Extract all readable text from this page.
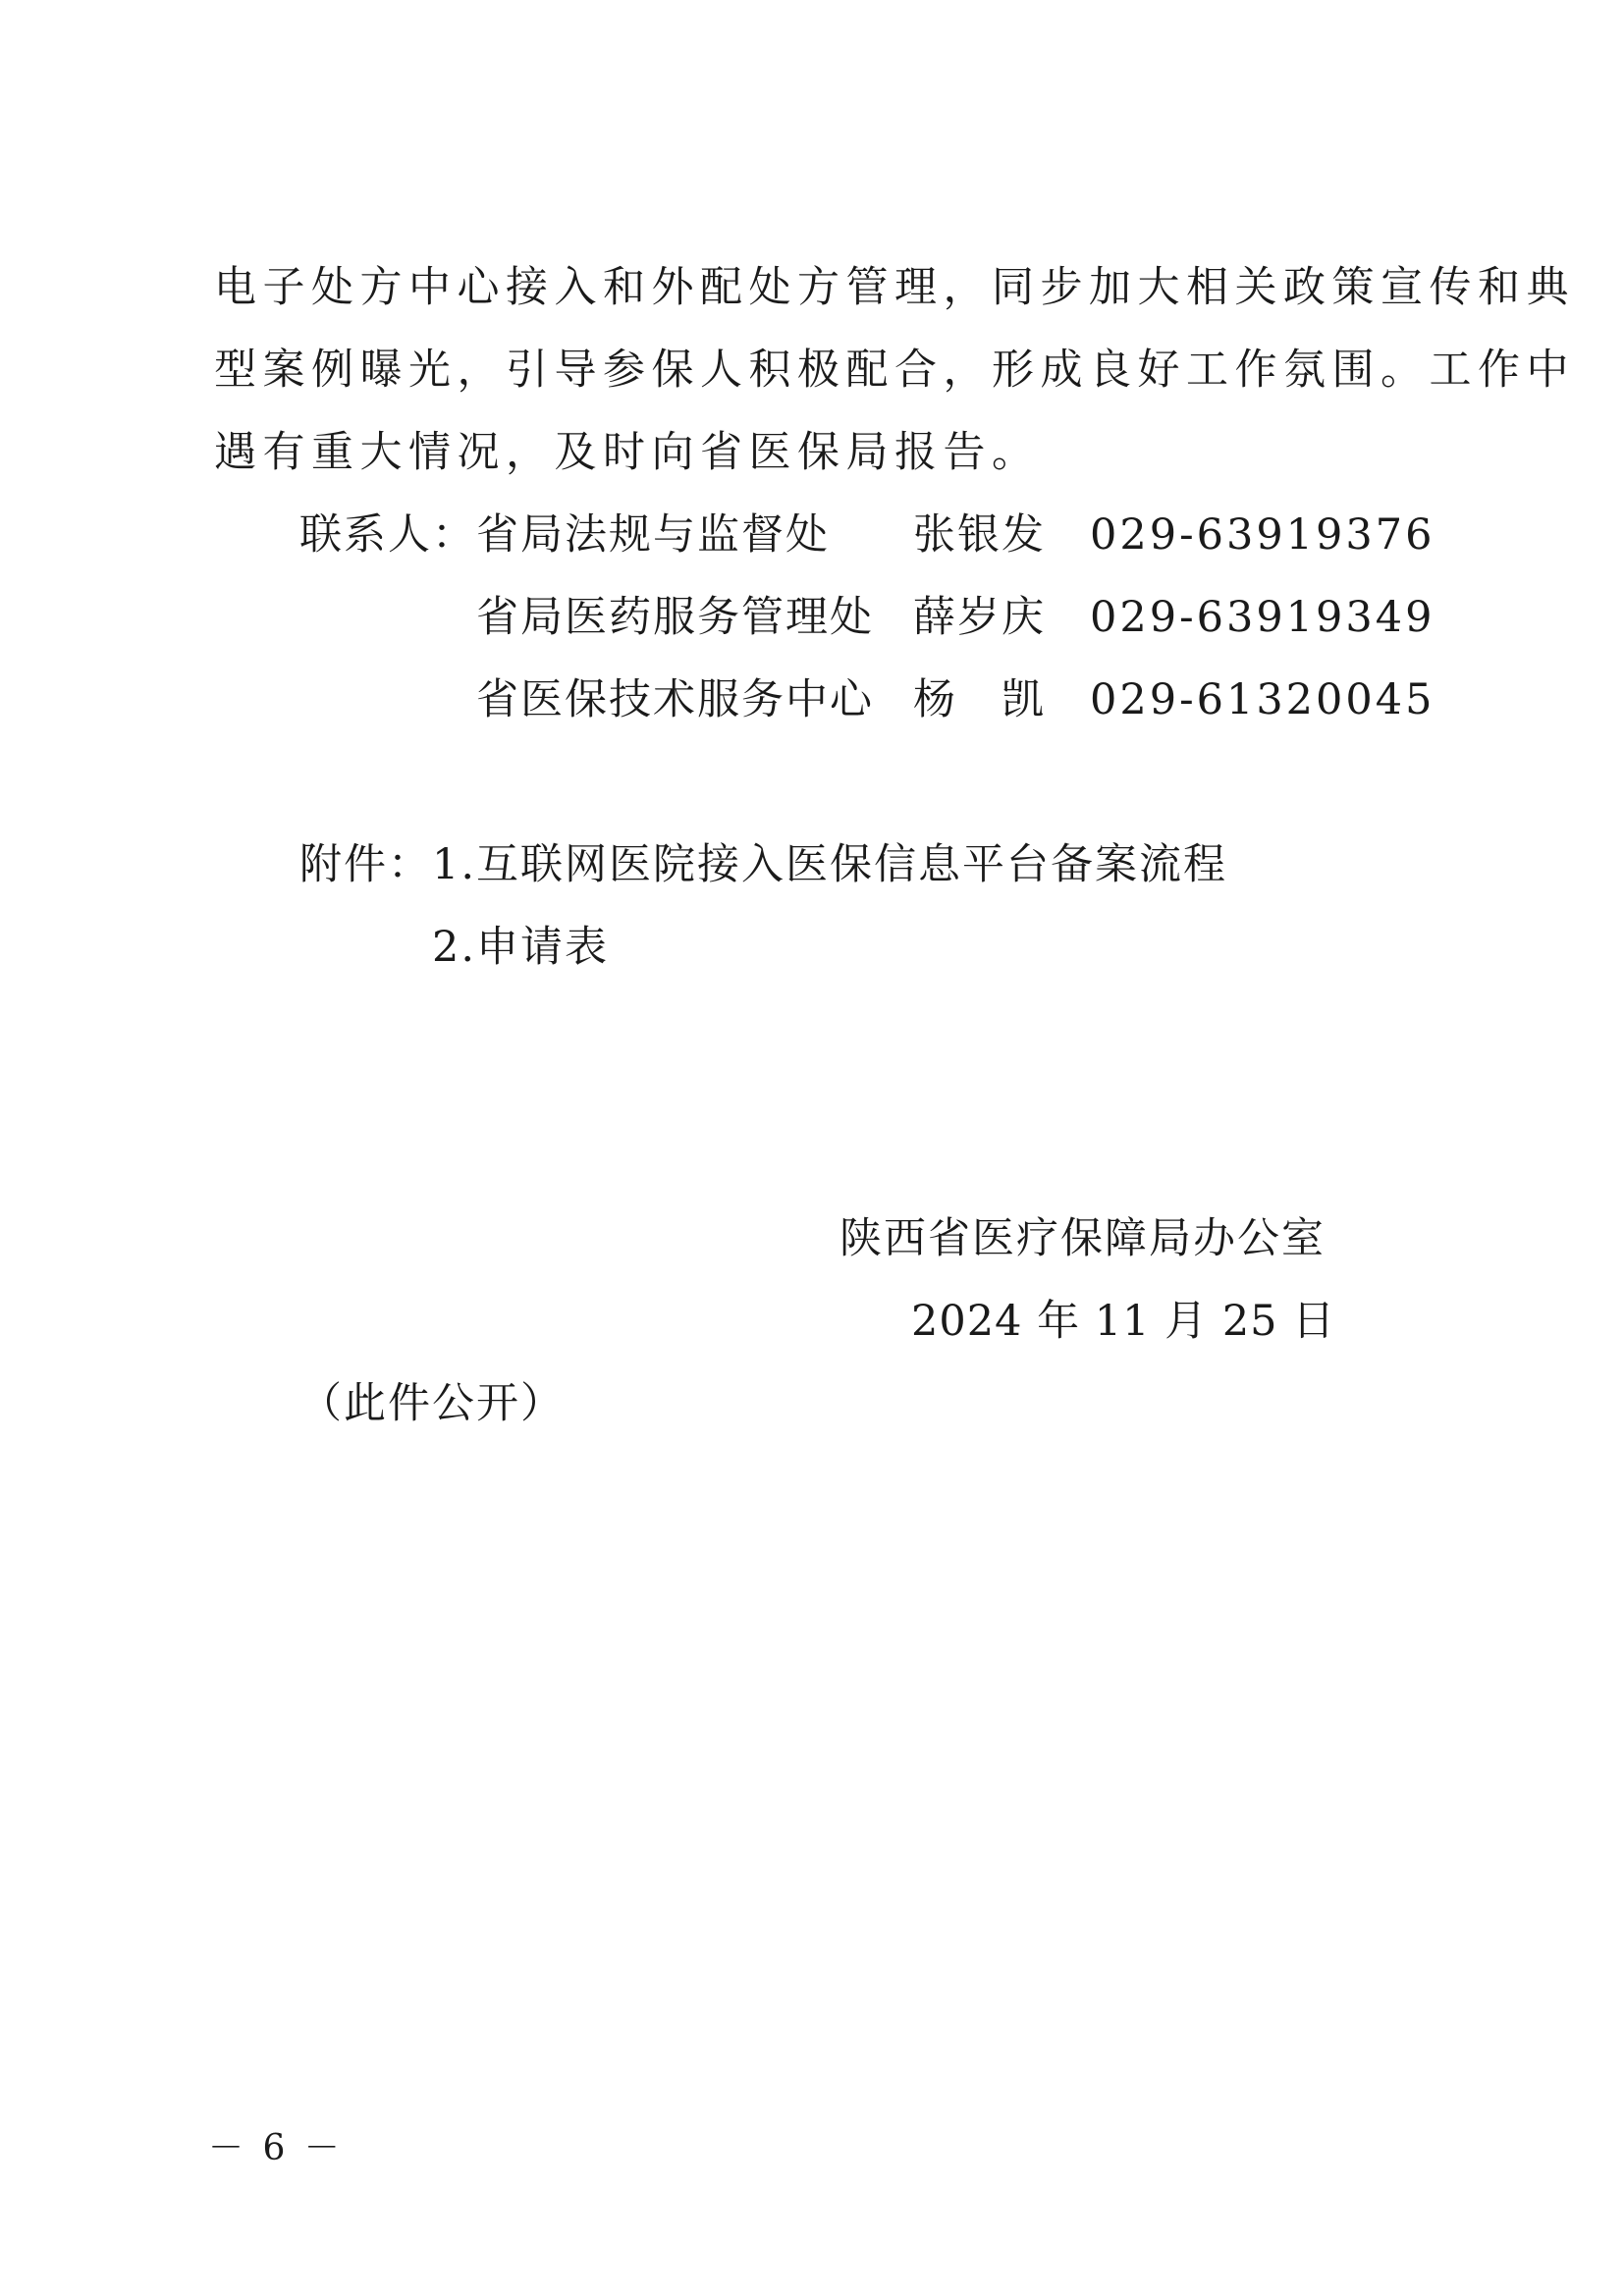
电子处方中心接入和外配处方管理，同步加大相关政策宣传和典
型案例曝光，引导参保人积极配合，形成良好工作氛围。工作中
遇有重大情况，及时向省医保局报告。
联系人： 省局法规与监督处 张银发 029-63919376
省局医药服务管理处 薛岁庆 029-63919349
省医保技术服务中心 杨　凯 029-61320045
附件： 1.互联网医院接入医保信息平台备案流程
2.申请表
陕西省医疗保障局办公室
2024 年 11 月 25 日
（此件公开）
－ 6 －
